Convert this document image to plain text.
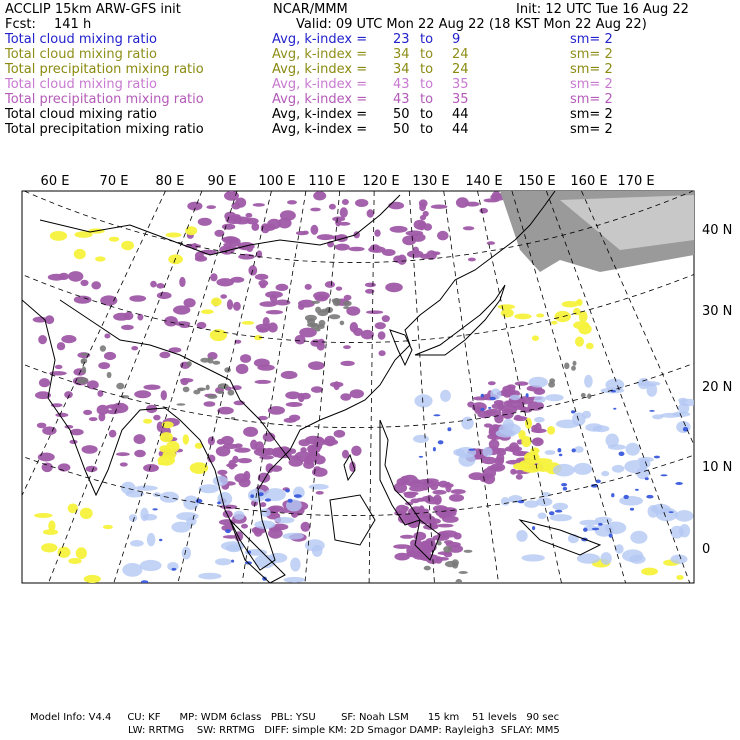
ACCLIP 15km ARW-GFS init	NCAR/MMM	Init: 12 UTC Tue 16 Aug 22
Fcst: 141 h	Valid: 09 UTC Mon 22 Aug 22 (18 KST Mon 22 Aug 22)
Total cloud mixing ratio	Avg, k-index = 23 to 9	sm= 2
Total cloud mixing ratio	Avg, k-index = 34 to 24	sm= 2
Total precipitation mixing ratio	Avg, k-index = 34 to 24	sm= 2
Total cloud mixing ratio	Avg, k-index = 43 to 35	sm= 2
Total precipitation mixing ratio	Avg, k-index = 43 to 35	sm= 2
Total cloud mixing ratio	Avg, k-index = 50 to 44	sm= 2
Total precipitation mixing ratio	Avg, k-index = 50 to 44	sm= 2
60 E 70 E 80 E 90 E 100 E 110 E 120 E 130 E 140 E 150 E 160 E 170 E
40 N
30 N
20 N
10 N
0
Model Info: V4.4     CU: KF      MP: WDM 6class   PBL: YSU        SF: Noah LSM      15 km    51 levels   90 sec
LW: RRTMG    SW: RRTMG   DIFF: simple KM: 2D Smagor DAMP: Rayleigh3  SFLAY: MM5
